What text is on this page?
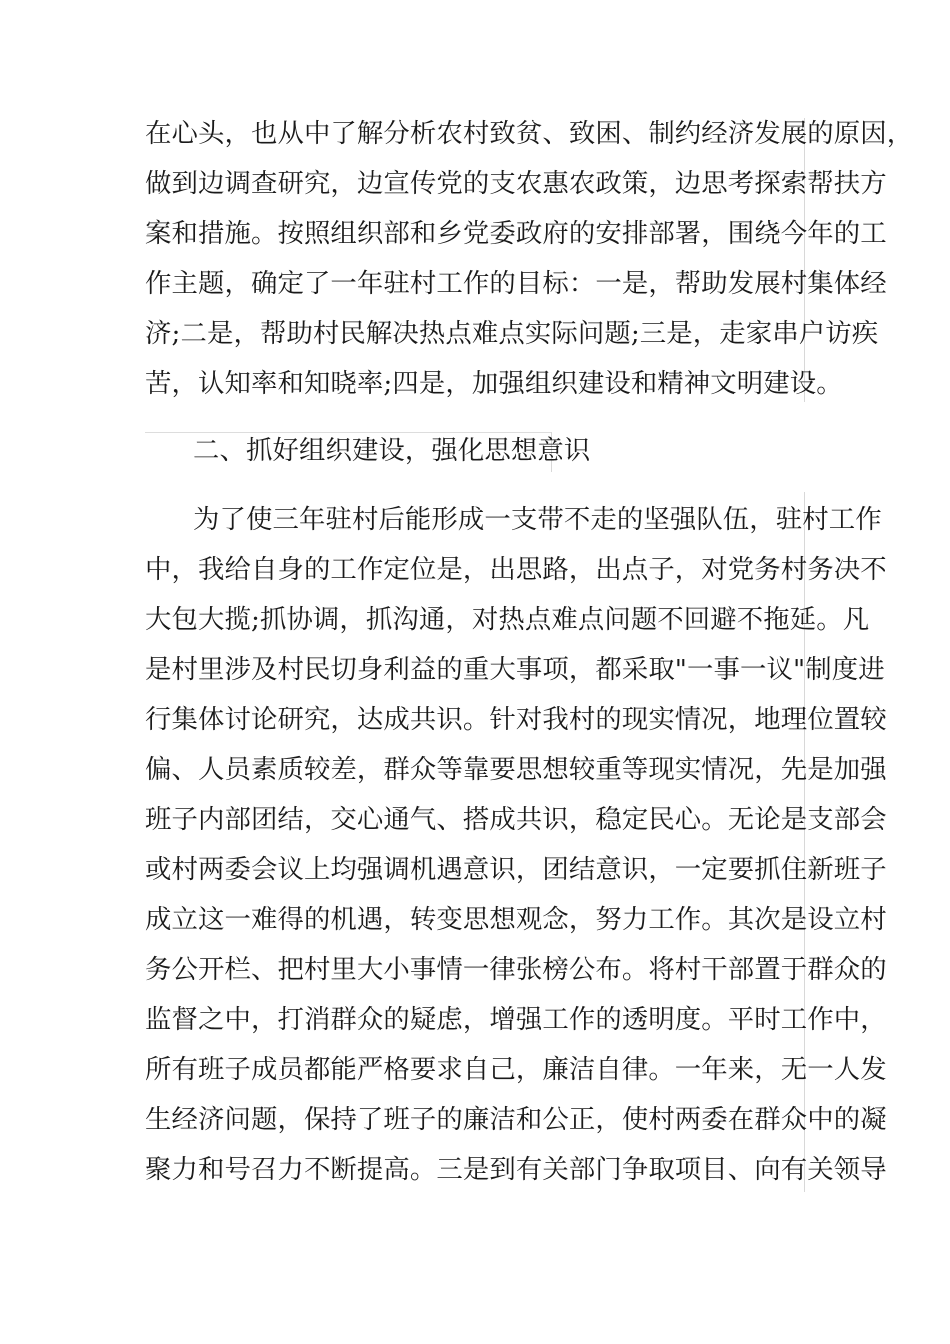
在心头，也从中了解分析农村致贫、致困、制约经济发展的原因，
做到边调查研究，边宣传党的支农惠农政策，边思考探索帮扶方
案和措施。按照组织部和乡党委政府的安排部署，围绕今年的工
作主题，确定了一年驻村工作的目标：一是，帮助发展村集体经
济;二是，帮助村民解决热点难点实际问题;三是，走家串户访疾
苦，认知率和知晓率;四是，加强组织建设和精神文明建设。
二、抓好组织建设，强化思想意识
为了使三年驻村后能形成一支带不走的坚强队伍，驻村工作
中，我给自身的工作定位是，出思路，出点子，对党务村务决不
大包大揽;抓协调，抓沟通，对热点难点问题不回避不拖延。凡
是村里涉及村民切身利益的重大事项，都采取"一事一议"制度进
行集体讨论研究，达成共识。针对我村的现实情况，地理位置较
偏、人员素质较差，群众等靠要思想较重等现实情况，先是加强
班子内部团结，交心通气、搭成共识，稳定民心。无论是支部会
或村两委会议上均强调机遇意识，团结意识，一定要抓住新班子
成立这一难得的机遇，转变思想观念，努力工作。其次是设立村
务公开栏、把村里大小事情一律张榜公布。将村干部置于群众的
监督之中，打消群众的疑虑，增强工作的透明度。平时工作中，
所有班子成员都能严格要求自己，廉洁自律。一年来，无一人发
生经济问题，保持了班子的廉洁和公正，使村两委在群众中的凝
聚力和号召力不断提高。三是到有关部门争取项目、向有关领导
